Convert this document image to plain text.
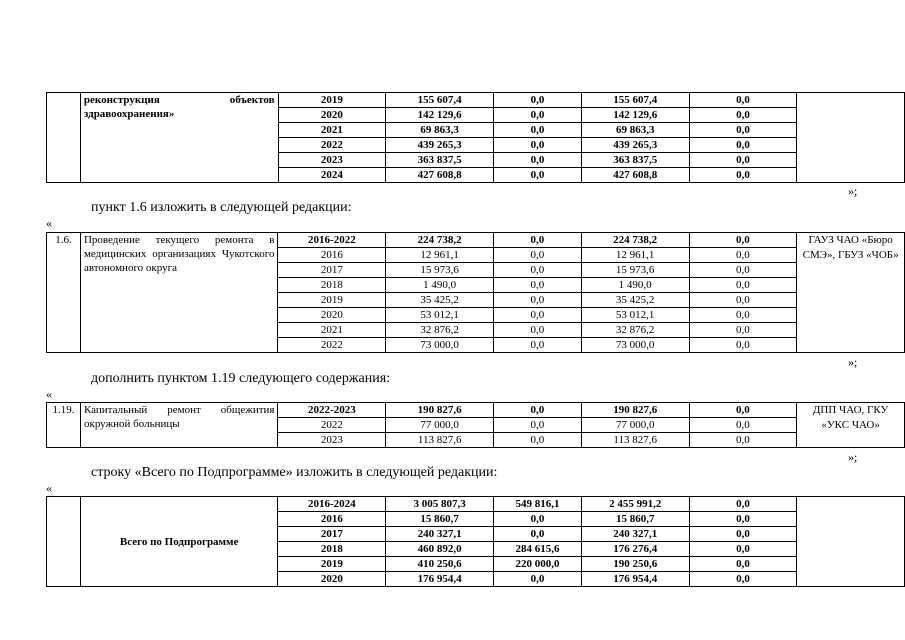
	реконструкция объектов здравоохранения»	2019	155 607,4	0,0	155 607,4	0,0	
		2020	142 129,6	0,0	142 129,6	0,0	
		2021	69 863,3	0,0	69 863,3	0,0	
		2022	439 265,3	0,0	439 265,3	0,0	
		2023	363 837,5	0,0	363 837,5	0,0	
		2024	427 608,8	0,0	427 608,8	0,0	
»;
пункт 1.6 изложить в следующей редакции:
«
1.6.	Проведение текущего ремонта в медицинских организациях Чукотского автономного округа	2016-2022	224 738,2	0,0	224 738,2	0,0	ГАУЗ ЧАО «Бюро СМЭ», ГБУЗ «ЧОБ»

		2016	12 961,1	0,0	12 961,1	0,0	
		2017	15 973,6	0,0	15 973,6	0,0	
		2018	1 490,0	0,0	1 490,0	0,0	
		2019	35 425,2	0,0	35 425,2	0,0	
		2020	53 012,1	0,0	53 012,1	0,0	
		2021	32 876,2	0,0	32 876,2	0,0	
		2022	73 000,0	0,0	73 000,0	0,0	
»;
дополнить пунктом 1.19 следующего содержания:
«
1.19.	Капитальный ремонт общежития окружной больницы	2022-2023	190 827,6	0,0	190 827,6	0,0	ДПП ЧАО, ГКУ «УКС ЧАО»

		2022	77 000,0	0,0	77 000,0	0,0	
		2023	113 827,6	0,0	113 827,6	0,0	
»;
строку «Всего по Подпрограмме» изложить в следующей редакции:
«
	Всего по Подпрограмме	2016-2024	3 005 807,3	549 816,1	2 455 991,2	0,0	
		2016	15 860,7	0,0	15 860,7	0,0	
		2017	240 327,1	0,0	240 327,1	0,0	
		2018	460 892,0	284 615,6	176 276,4	0,0	
		2019	410 250,6	220 000,0	190 250,6	0,0	
		2020	176 954,4	0,0	176 954,4	0,0	
